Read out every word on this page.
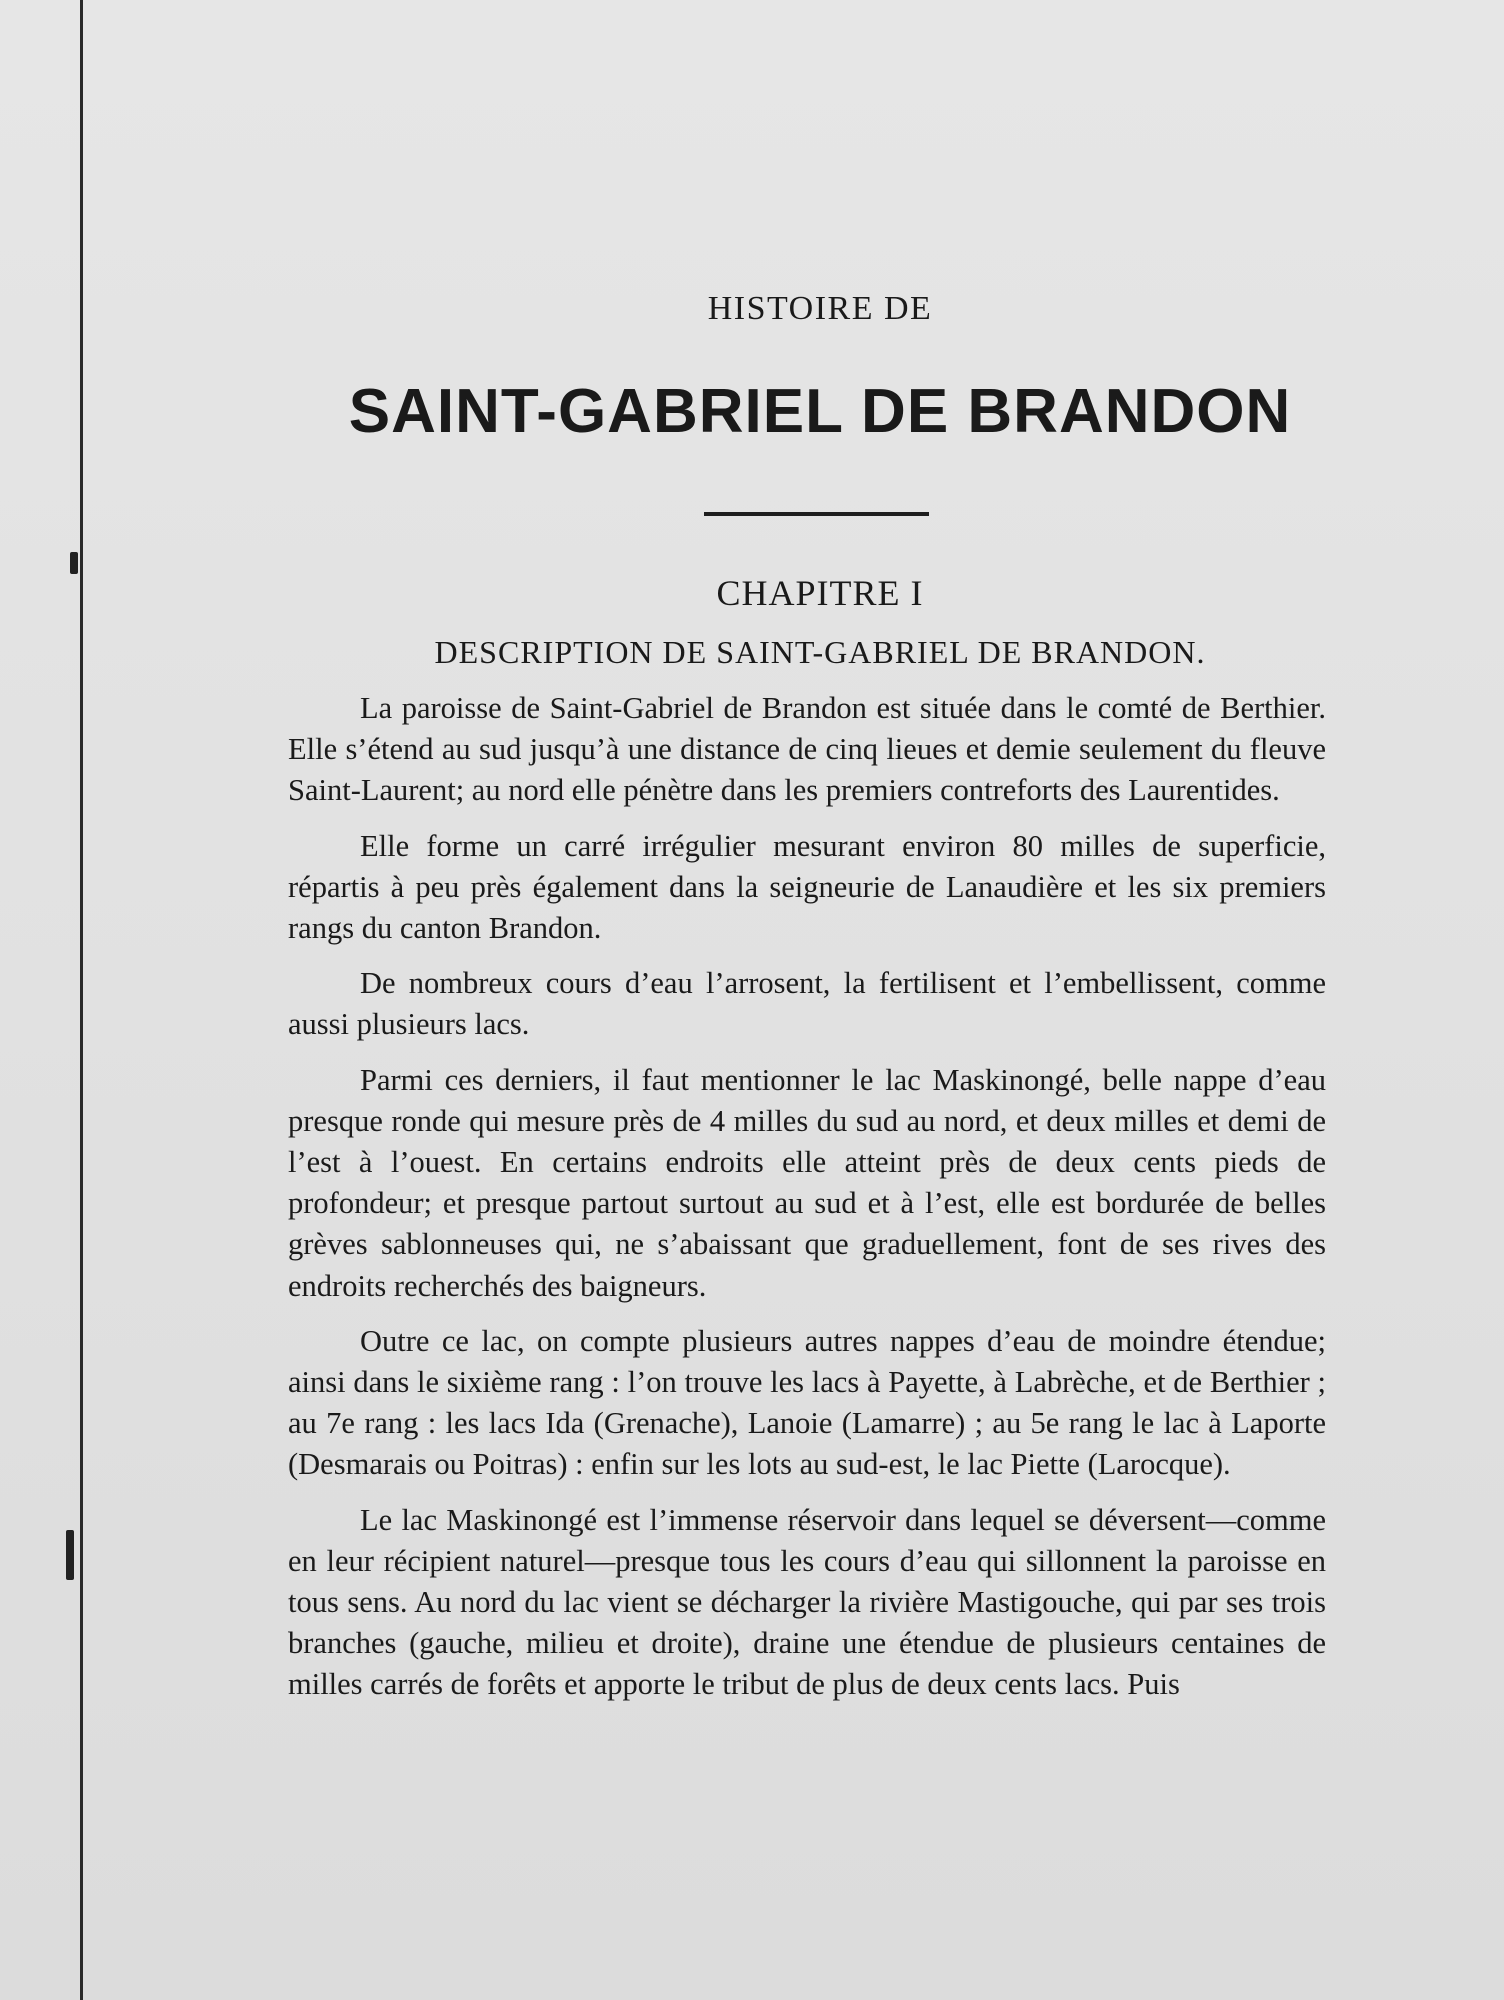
HISTOIRE DE
SAINT-GABRIEL DE BRANDON
CHAPITRE I
DESCRIPTION DE SAINT-GABRIEL DE BRANDON.

La paroisse de Saint-Gabriel de Brandon est située dans le comté de Berthier. Elle s’étend au sud jusqu’à une distance de cinq lieues et demie seulement du fleuve Saint-Laurent; au nord elle pénètre dans les premiers contreforts des Laurentides.

Elle forme un carré irrégulier mesurant environ 80 milles de superficie, répartis à peu près également dans la seigneurie de Lanaudière et les six premiers rangs du canton Brandon.

De nombreux cours d’eau l’arrosent, la fertilisent et l’embellissent, comme aussi plusieurs lacs.

Parmi ces derniers, il faut mentionner le lac Maskinongé, belle nappe d’eau presque ronde qui mesure près de 4 milles du sud au nord, et deux milles et demi de l’est à l’ouest. En certains endroits elle atteint près de deux cents pieds de profondeur; et presque partout surtout au sud et à l’est, elle est bordurée de belles grèves sablonneuses qui, ne s’abaissant que graduellement, font de ses rives des endroits recherchés des baigneurs.

Outre ce lac, on compte plusieurs autres nappes d’eau de moindre étendue; ainsi dans le sixième rang : l’on trouve les lacs à Payette, à Labrèche, et de Berthier ; au 7e rang : les lacs Ida (Grenache), Lanoie (Lamarre) ; au 5e rang le lac à Laporte (Desmarais ou Poitras) : enfin sur les lots au sud-est, le lac Piette (Larocque).

Le lac Maskinongé est l’immense réservoir dans lequel se déversent—comme en leur récipient naturel—presque tous les cours d’eau qui sillonnent la paroisse en tous sens. Au nord du lac vient se décharger la rivière Mastigouche, qui par ses trois branches (gauche, milieu et droite), draine une étendue de plusieurs centaines de milles carrés de forêts et apporte le tribut de plus de deux cents lacs. Puis
